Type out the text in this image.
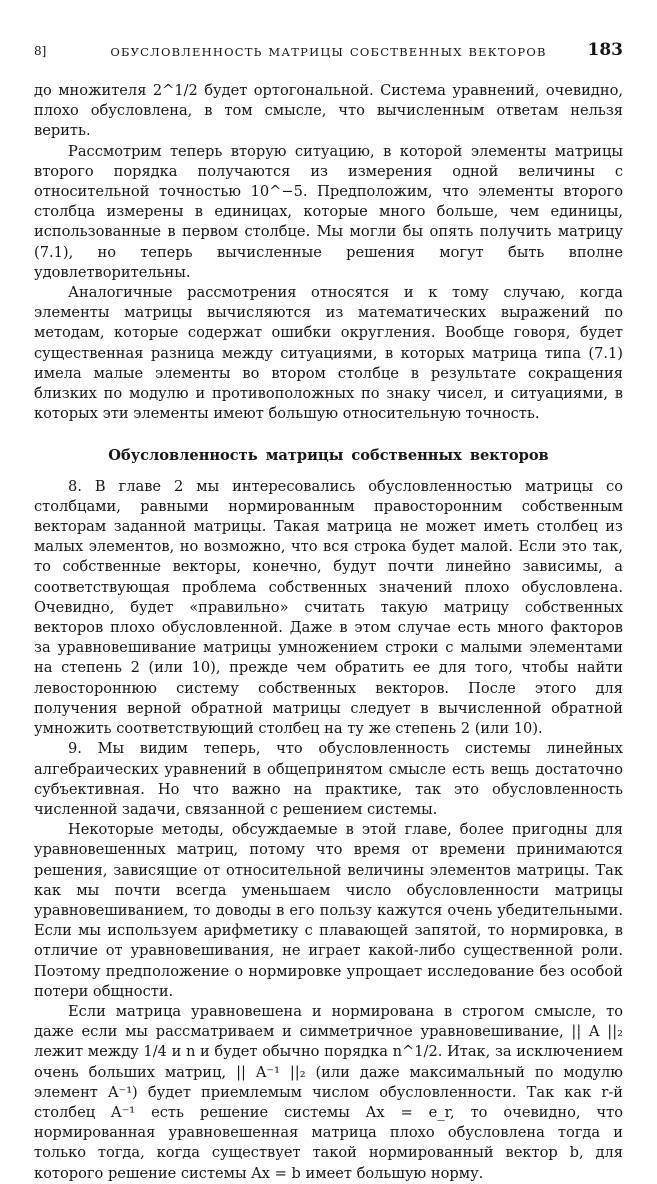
8]	ОБУСЛОВЛЕННОСТЬ МАТРИЦЫ СОБСТВЕННЫХ ВЕКТОРОВ	183

до множителя 2^1/2 будет ортогональной. Система уравнений, очевидно, плохо обусловлена, в том смысле, что вычисленным ответам нельзя верить.

Рассмотрим теперь вторую ситуацию, в которой элементы матрицы второго порядка получаются из измерения одной величины с относительной точностью 10^−5. Предположим, что элементы второго столбца измерены в единицах, которые много больше, чем единицы, использованные в первом столбце. Мы могли бы опять получить матрицу (7.1), но теперь вычисленные решения могут быть вполне удовлетворительны.

Аналогичные рассмотрения относятся и к тому случаю, когда элементы матрицы вычисляются из математических выражений по методам, которые содержат ошибки округления. Вообще говоря, будет существенная разница между ситуациями, в которых матрица типа (7.1) имела малые элементы во втором столбце в результате сокращения близких по модулю и противоположных по знаку чисел, и ситуациями, в которых эти элементы имеют большую относительную точность.

Обусловленность матрицы собственных векторов

8. В главе 2 мы интересовались обусловленностью матрицы со столбцами, равными нормированным правосторонним собственным векторам заданной матрицы. Такая матрица не может иметь столбец из малых элементов, но возможно, что вся строка будет малой. Если это так, то собственные векторы, конечно, будут почти линейно зависимы, а соответствующая проблема собственных значений плохо обусловлена. Очевидно, будет «правильно» считать такую матрицу собственных векторов плохо обусловленной. Даже в этом случае есть много факторов за уравновешивание матрицы умножением строки с малыми элементами на степень 2 (или 10), прежде чем обратить ее для того, чтобы найти левостороннюю систему собственных векторов. После этого для получения верной обратной матрицы следует в вычисленной обратной умножить соответствующий столбец на ту же степень 2 (или 10).

9. Мы видим теперь, что обусловленность системы линейных алгебраических уравнений в общепринятом смысле есть вещь достаточно субъективная. Но что важно на практике, так это обусловленность численной задачи, связанной с решением системы.

Некоторые методы, обсуждаемые в этой главе, более пригодны для уравновешенных матриц, потому что время от времени принимаются решения, зависящие от относительной величины элементов матрицы. Так как мы почти всегда уменьшаем число обусловленности матрицы уравновешиванием, то доводы в его пользу кажутся очень убедительными. Если мы используем арифметику с плавающей запятой, то нормировка, в отличие от уравновешивания, не играет какой-либо существенной роли. Поэтому предположение о нормировке упрощает исследование без особой потери общности.

Если матрица уравновешена и нормирована в строгом смысле, то даже если мы рассматриваем и симметричное уравновешивание, || A ||₂ лежит между 1/4 и n и будет обычно порядка n^1/2. Итак, за исключением очень больших матриц, || A⁻¹ ||₂ (или даже максимальный по модулю элемент A⁻¹) будет приемлемым числом обусловленности. Так как r-й столбец A⁻¹ есть решение системы Ax = e_r, то очевидно, что нормированная уравновешенная матрица плохо обусловлена тогда и только тогда, когда существует такой нормированный вектор b, для которого решение системы Ax = b имеет большую норму.
